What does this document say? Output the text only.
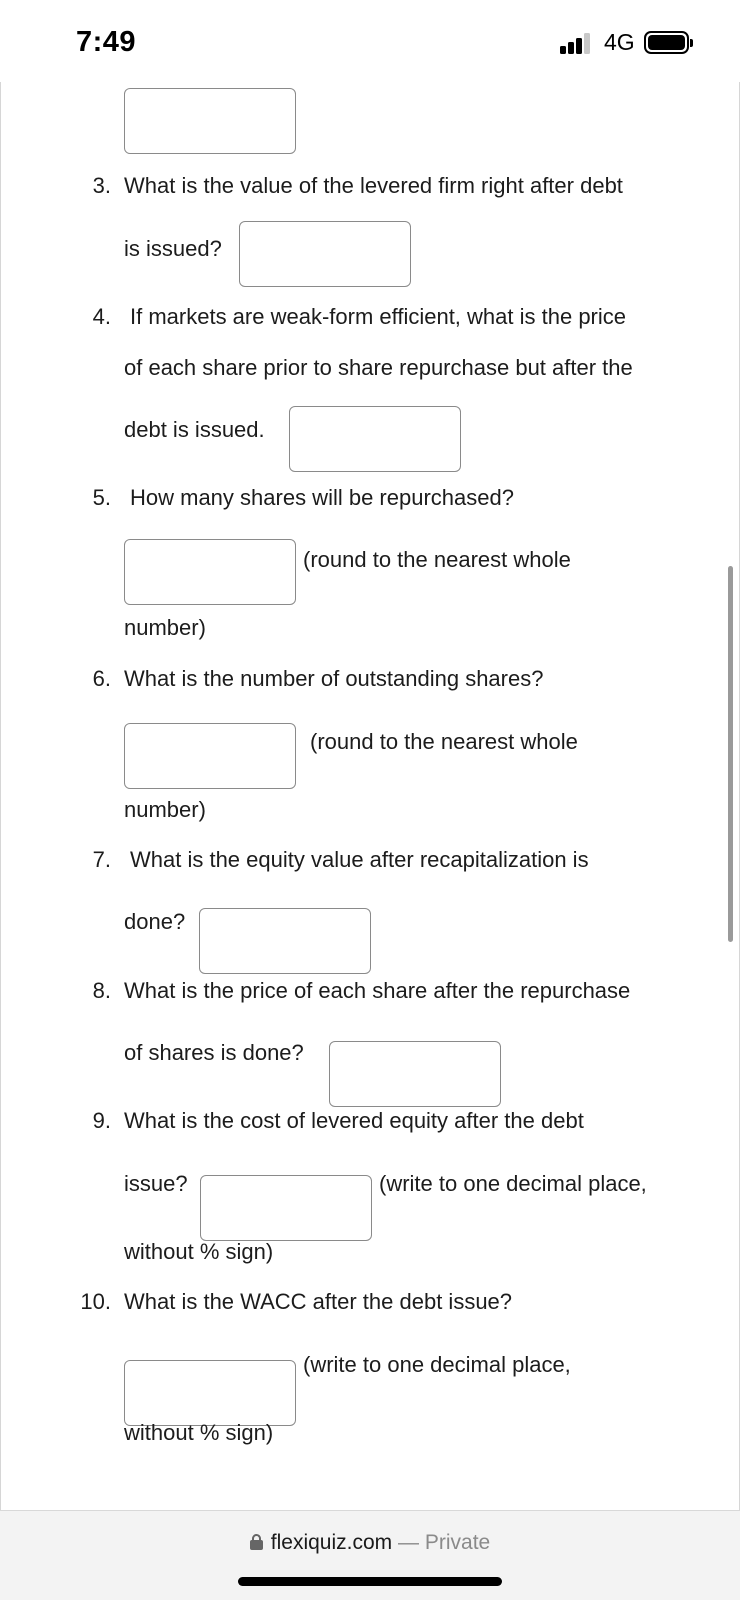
7:49	4G
3. What is the value of the levered firm right after debt
is issued?
4. If markets are weak-form efficient, what is the price
of each share prior to share repurchase but after the
debt is issued.
5. How many shares will be repurchased?
(round to the nearest whole
number)
6. What is the number of outstanding shares?
(round to the nearest whole
number)
7. What is the equity value after recapitalization is
done?
8. What is the price of each share after the repurchase
of shares is done?
9. What is the cost of levered equity after the debt
issue?	(write to one decimal place,
without % sign)
10. What is the WACC after the debt issue?
(write to one decimal place,
without % sign)
flexiquiz.com — Private
